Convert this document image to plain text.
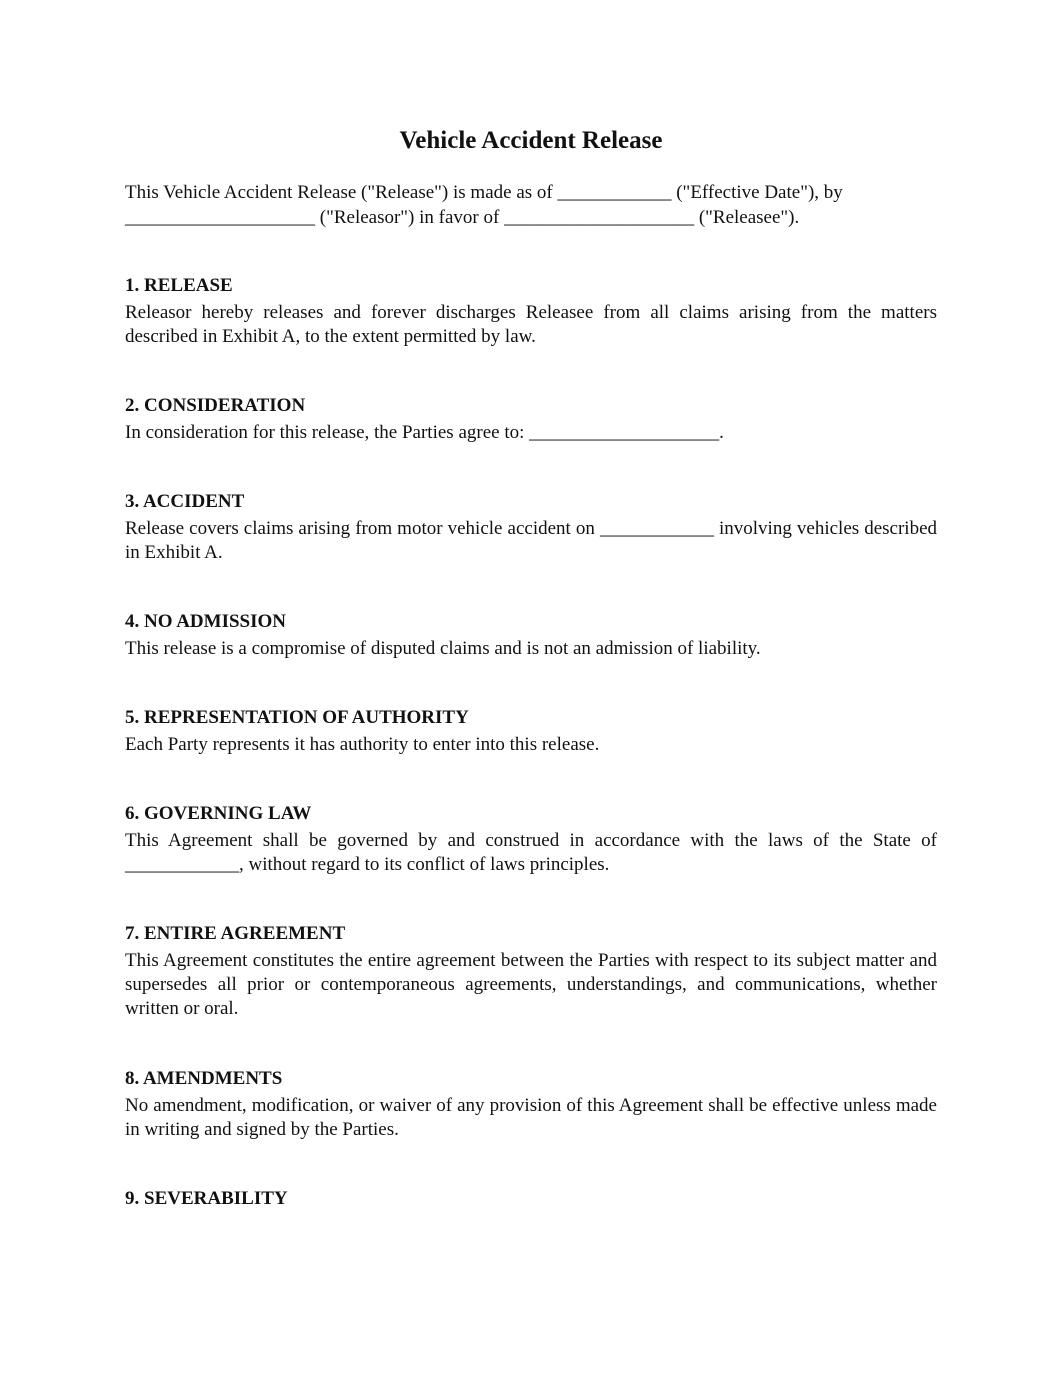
Vehicle Accident Release
This Vehicle Accident Release ("Release") is made as of ____________ ("Effective Date"), by
____________________ ("Releasor") in favor of ____________________ ("Releasee").
1. RELEASE

Releasor hereby releases and forever discharges Releasee from all claims arising from the matters described in Exhibit A, to the extent permitted by law.

2. CONSIDERATION

In consideration for this release, the Parties agree to: ____________________.

3. ACCIDENT

Release covers claims arising from motor vehicle accident on ____________ involving vehicles described in Exhibit A.

4. NO ADMISSION

This release is a compromise of disputed claims and is not an admission of liability.

5. REPRESENTATION OF AUTHORITY

Each Party represents it has authority to enter into this release.

6. GOVERNING LAW

This Agreement shall be governed by and construed in accordance with the laws of the State of ____________, without regard to its conflict of laws principles.

7. ENTIRE AGREEMENT

This Agreement constitutes the entire agreement between the Parties with respect to its subject matter and supersedes all prior or contemporaneous agreements, understandings, and communications, whether written or oral.

8. AMENDMENTS

No amendment, modification, or waiver of any provision of this Agreement shall be effective unless made in writing and signed by the Parties.

9. SEVERABILITY
